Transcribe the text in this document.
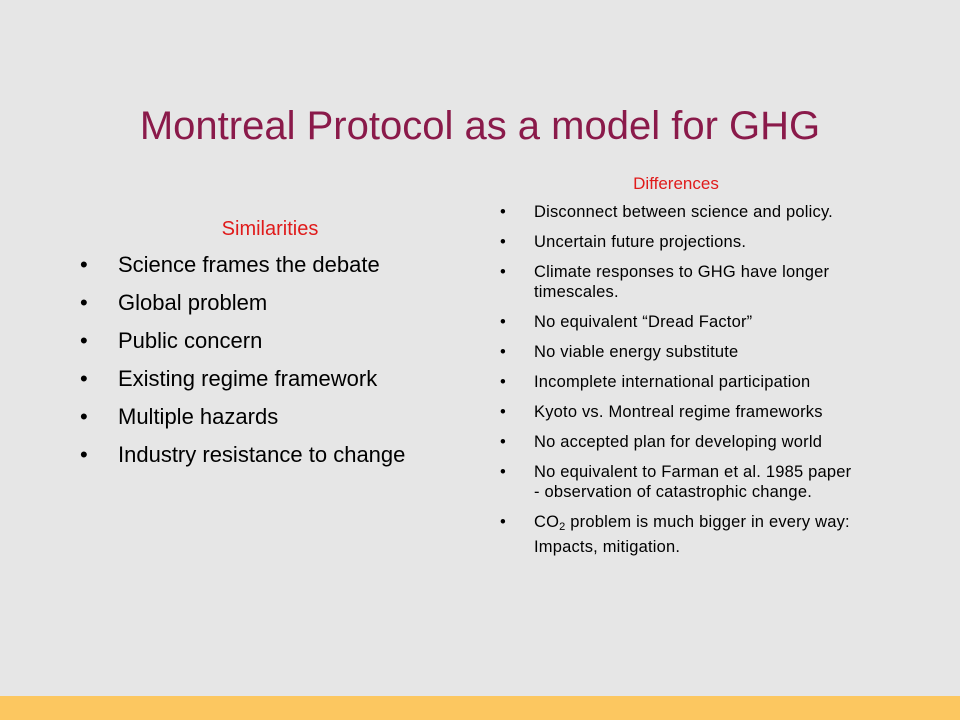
Montreal Protocol as a model for GHG
Similarities
• Science frames the debate
• Global problem
• Public concern
• Existing regime framework
• Multiple hazards
• Industry resistance to change
Differences
• Disconnect between science and policy.
• Uncertain future projections.
• Climate responses to GHG have longer timescales.
• No equivalent “Dread Factor”
• No viable energy substitute
• Incomplete international participation
• Kyoto vs. Montreal regime frameworks
• No accepted plan for developing world
• No equivalent to Farman et al. 1985 paper - observation of catastrophic change.
• $CO_2$ problem is much bigger in every way: Impacts, mitigation.
